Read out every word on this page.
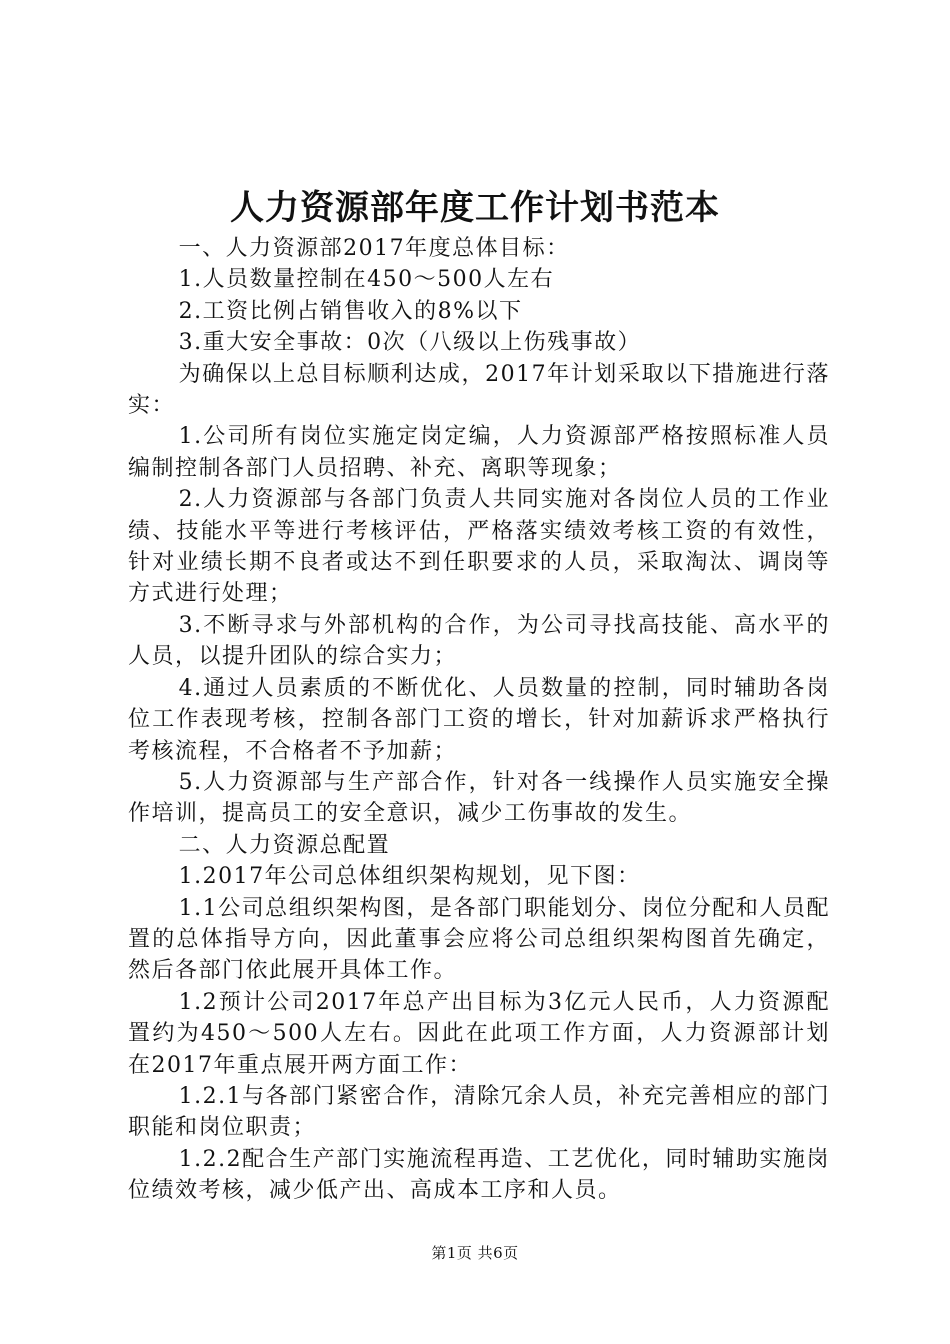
人力资源部年度工作计划书范本

一、人力资源部2017年度总体目标：

1.人员数量控制在450～500人左右

2.工资比例占销售收入的8%以下

3.重大安全事故：0次（八级以上伤残事故）

为确保以上总目标顺利达成，2017年计划采取以下措施进行落实：

1.公司所有岗位实施定岗定编，人力资源部严格按照标准人员编制控制各部门人员招聘、补充、离职等现象；

2.人力资源部与各部门负责人共同实施对各岗位人员的工作业绩、技能水平等进行考核评估，严格落实绩效考核工资的有效性，针对业绩长期不良者或达不到任职要求的人员，采取淘汰、调岗等方式进行处理；

3.不断寻求与外部机构的合作，为公司寻找高技能、高水平的人员，以提升团队的综合实力；

4.通过人员素质的不断优化、人员数量的控制，同时辅助各岗位工作表现考核，控制各部门工资的增长，针对加薪诉求严格执行考核流程，不合格者不予加薪；

5.人力资源部与生产部合作，针对各一线操作人员实施安全操作培训，提高员工的安全意识，减少工伤事故的发生。

二、人力资源总配置

1.2017年公司总体组织架构规划，见下图：

1.1公司总组织架构图，是各部门职能划分、岗位分配和人员配置的总体指导方向，因此董事会应将公司总组织架构图首先确定，然后各部门依此展开具体工作。

1.2预计公司2017年总产出目标为3亿元人民币，人力资源配置约为450～500人左右。因此在此项工作方面，人力资源部计划在2017年重点展开两方面工作：

1.2.1与各部门紧密合作，清除冗余人员，补充完善相应的部门职能和岗位职责；

1.2.2配合生产部门实施流程再造、工艺优化，同时辅助实施岗位绩效考核，减少低产出、高成本工序和人员。

第1页 共6页
